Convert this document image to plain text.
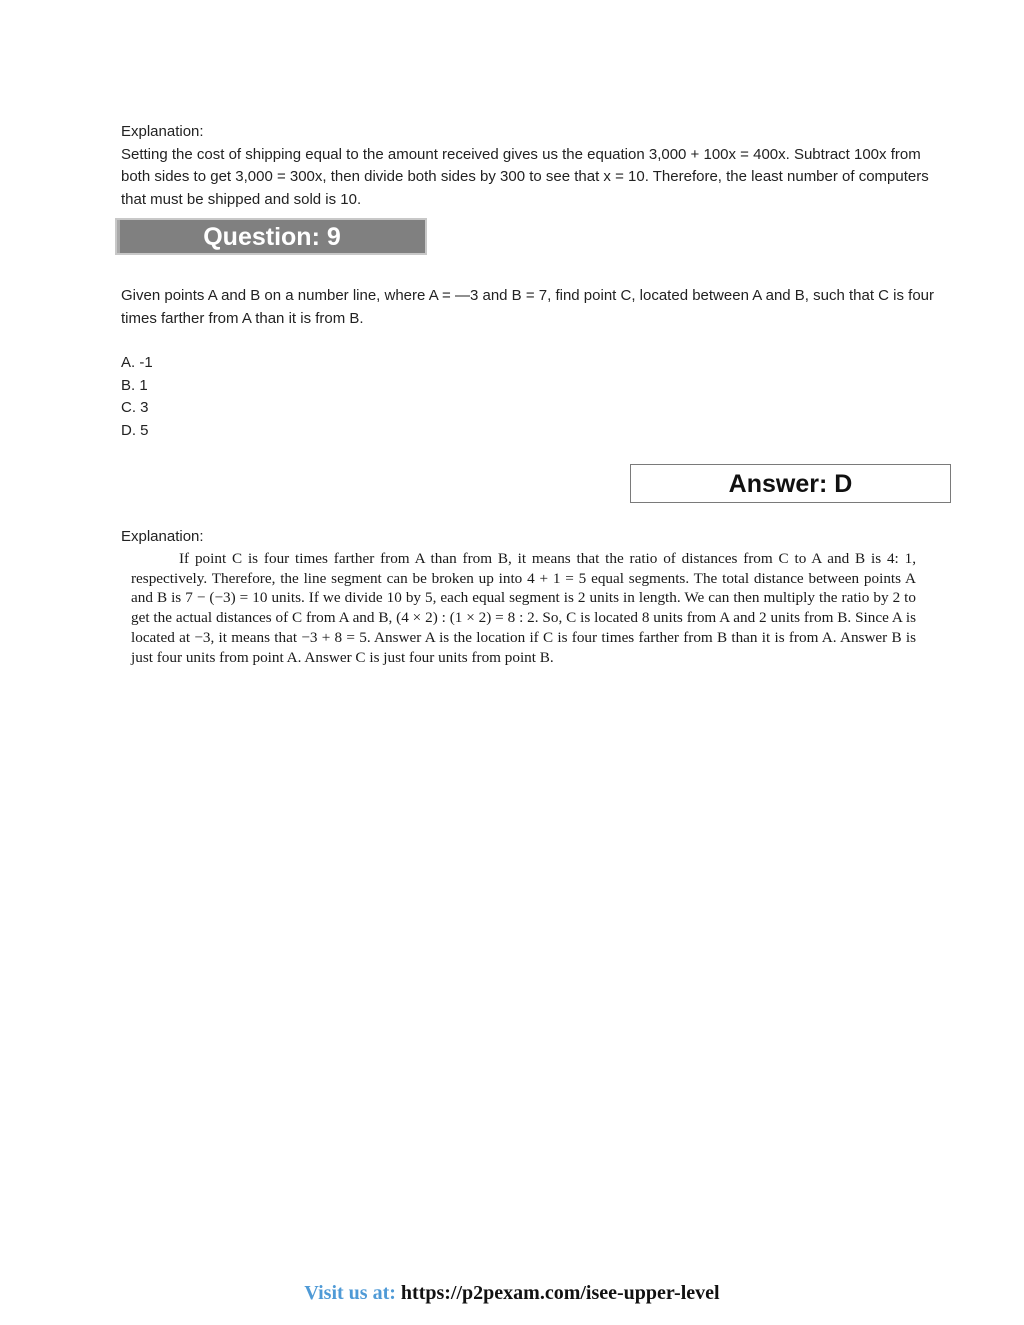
Explanation:
Setting the cost of shipping equal to the amount received gives us the equation 3,000 + 100x = 400x. Subtract 100x from both sides to get 3,000 = 300x, then divide both sides by 300 to see that x = 10. Therefore, the least number of computers that must be shipped and sold is 10.
Question: 9
Given points A and B on a number line, where A = —3 and B = 7, find point C, located between A and B, such that C is four times farther from A than it is from B.
A. -1
B. 1
C. 3
D. 5
Answer: D
Explanation:
If point C is four times farther from A than from B, it means that the ratio of distances from C to A and B is 4: 1, respectively. Therefore, the line segment can be broken up into 4 + 1 = 5 equal segments. The total distance between points A and B is 7 − (−3) = 10 units. If we divide 10 by 5, each equal segment is 2 units in length. We can then multiply the ratio by 2 to get the actual distances of C from A and B, (4 × 2) : (1 × 2) = 8 : 2. So, C is located 8 units from A and 2 units from B. Since A is located at −3, it means that −3 + 8 = 5. Answer A is the location if C is four times farther from B than it is from A. Answer B is just four units from point A. Answer C is just four units from point B.
Visit us at: https://p2pexam.com/isee-upper-level
